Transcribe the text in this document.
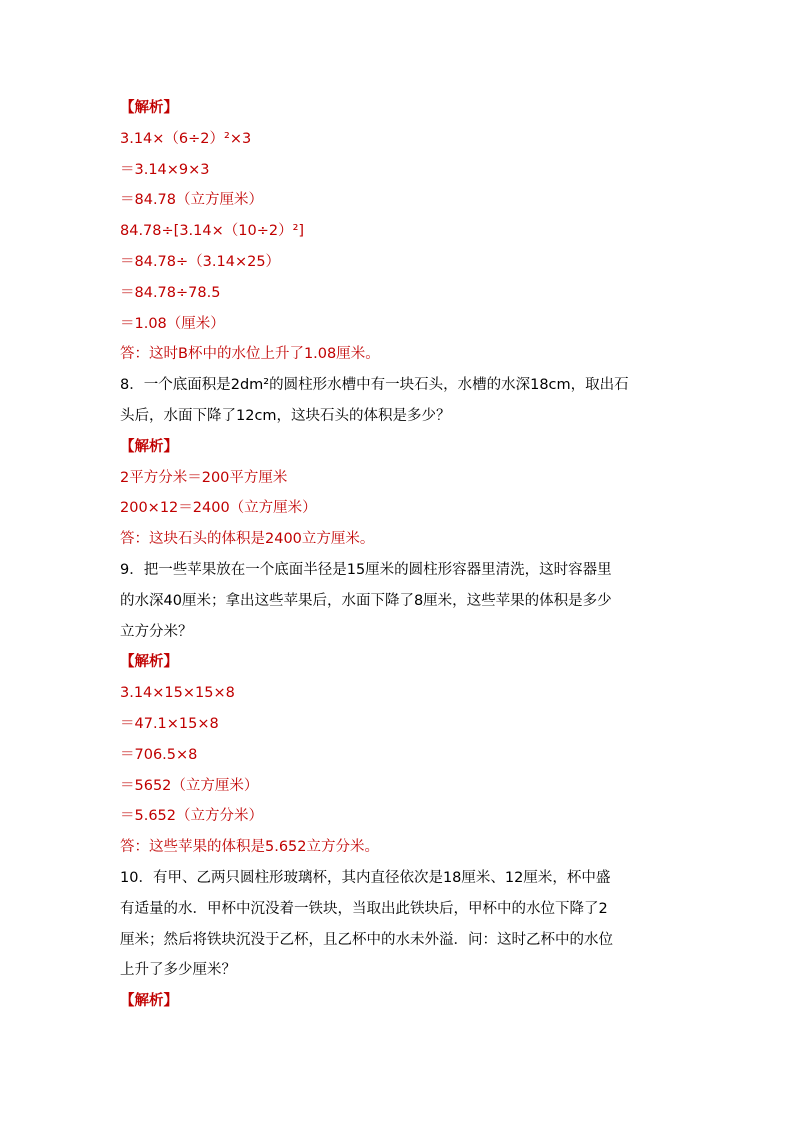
【解析】
3.14×（6÷2）²×3
＝3.14×9×3
＝84.78（立方厘米）
84.78÷[3.14×（10÷2）²]
＝84.78÷（3.14×25）
＝84.78÷78.5
＝1.08（厘米）
答：这时B杯中的水位上升了1.08厘米。
8．一个底面积是2dm²的圆柱形水槽中有一块石头，水槽的水深18cm，取出石
头后，水面下降了12cm，这块石头的体积是多少？
【解析】
2平方分米＝200平方厘米
200×12＝2400（立方厘米）
答：这块石头的体积是2400立方厘米。
9．把一些苹果放在一个底面半径是15厘米的圆柱形容器里清洗，这时容器里
的水深40厘米；拿出这些苹果后，水面下降了8厘米，这些苹果的体积是多少
立方分米？
【解析】
3.14×15×15×8
＝47.1×15×8
＝706.5×8
＝5652（立方厘米）
＝5.652（立方分米）
答：这些苹果的体积是5.652立方分米。
10．有甲、乙两只圆柱形玻璃杯，其内直径依次是18厘米、12厘米，杯中盛
有适量的水．甲杯中沉没着一铁块，当取出此铁块后，甲杯中的水位下降了2
厘米；然后将铁块沉没于乙杯，且乙杯中的水未外溢．问：这时乙杯中的水位
上升了多少厘米？
【解析】
